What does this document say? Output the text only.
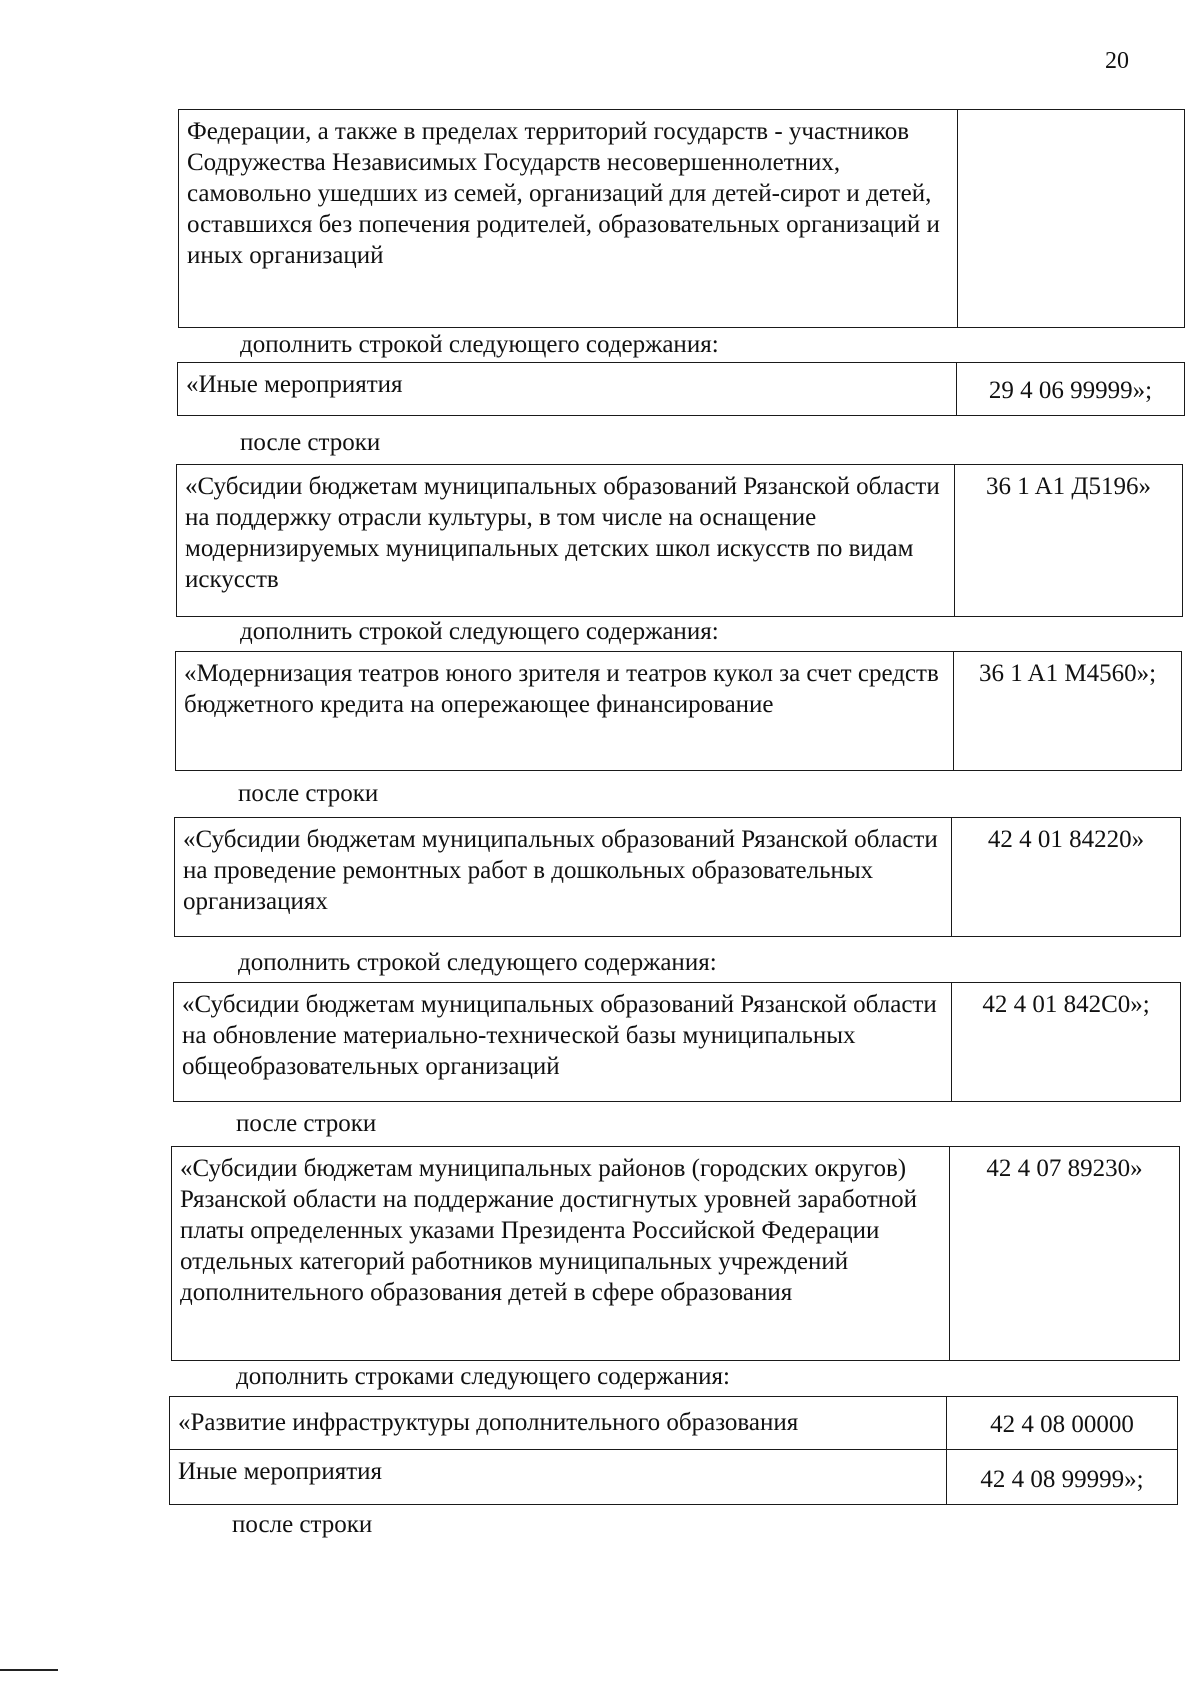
20
Федерации, а также в пределах территорий государств - участников Содружества Независимых Государств несовершеннолетних, самовольно ушедших из семей, организаций для детей-сирот и детей, оставшихся без попечения родителей, образовательных организаций и иных организаций	
дополнить строкой следующего содержания:
«Иные мероприятия	29 4 06 99999»;
после строки
«Субсидии бюджетам муниципальных образований Рязанской области на поддержку отрасли культуры, в том числе на оснащение модернизируемых муниципальных детских школ искусств по видам искусств	36 1 A1 Д5196»
дополнить строкой следующего содержания:
«Модернизация театров юного зрителя и театров кукол за счет средств бюджетного кредита на опережающее финансирование	36 1 A1 M4560»;
после строки
«Субсидии бюджетам муниципальных образований Рязанской области на проведение ремонтных работ в дошкольных образовательных организациях	42 4 01 84220»
дополнить строкой следующего содержания:
«Субсидии бюджетам муниципальных образований Рязанской области на обновление материально-технической базы муниципальных общеобразовательных организаций	42 4 01 842С0»;
после строки
«Субсидии бюджетам муниципальных районов (городских округов) Рязанской области на поддержание достигнутых уровней заработной платы определенных указами Президента Российской Федерации отдельных категорий работников муниципальных учреждений дополнительного образования детей в сфере образования	42 4 07 89230»
дополнить строками следующего содержания:
«Развитие инфраструктуры дополнительного образования	42 4 08 00000
Иные мероприятия	42 4 08 99999»;
после строки
